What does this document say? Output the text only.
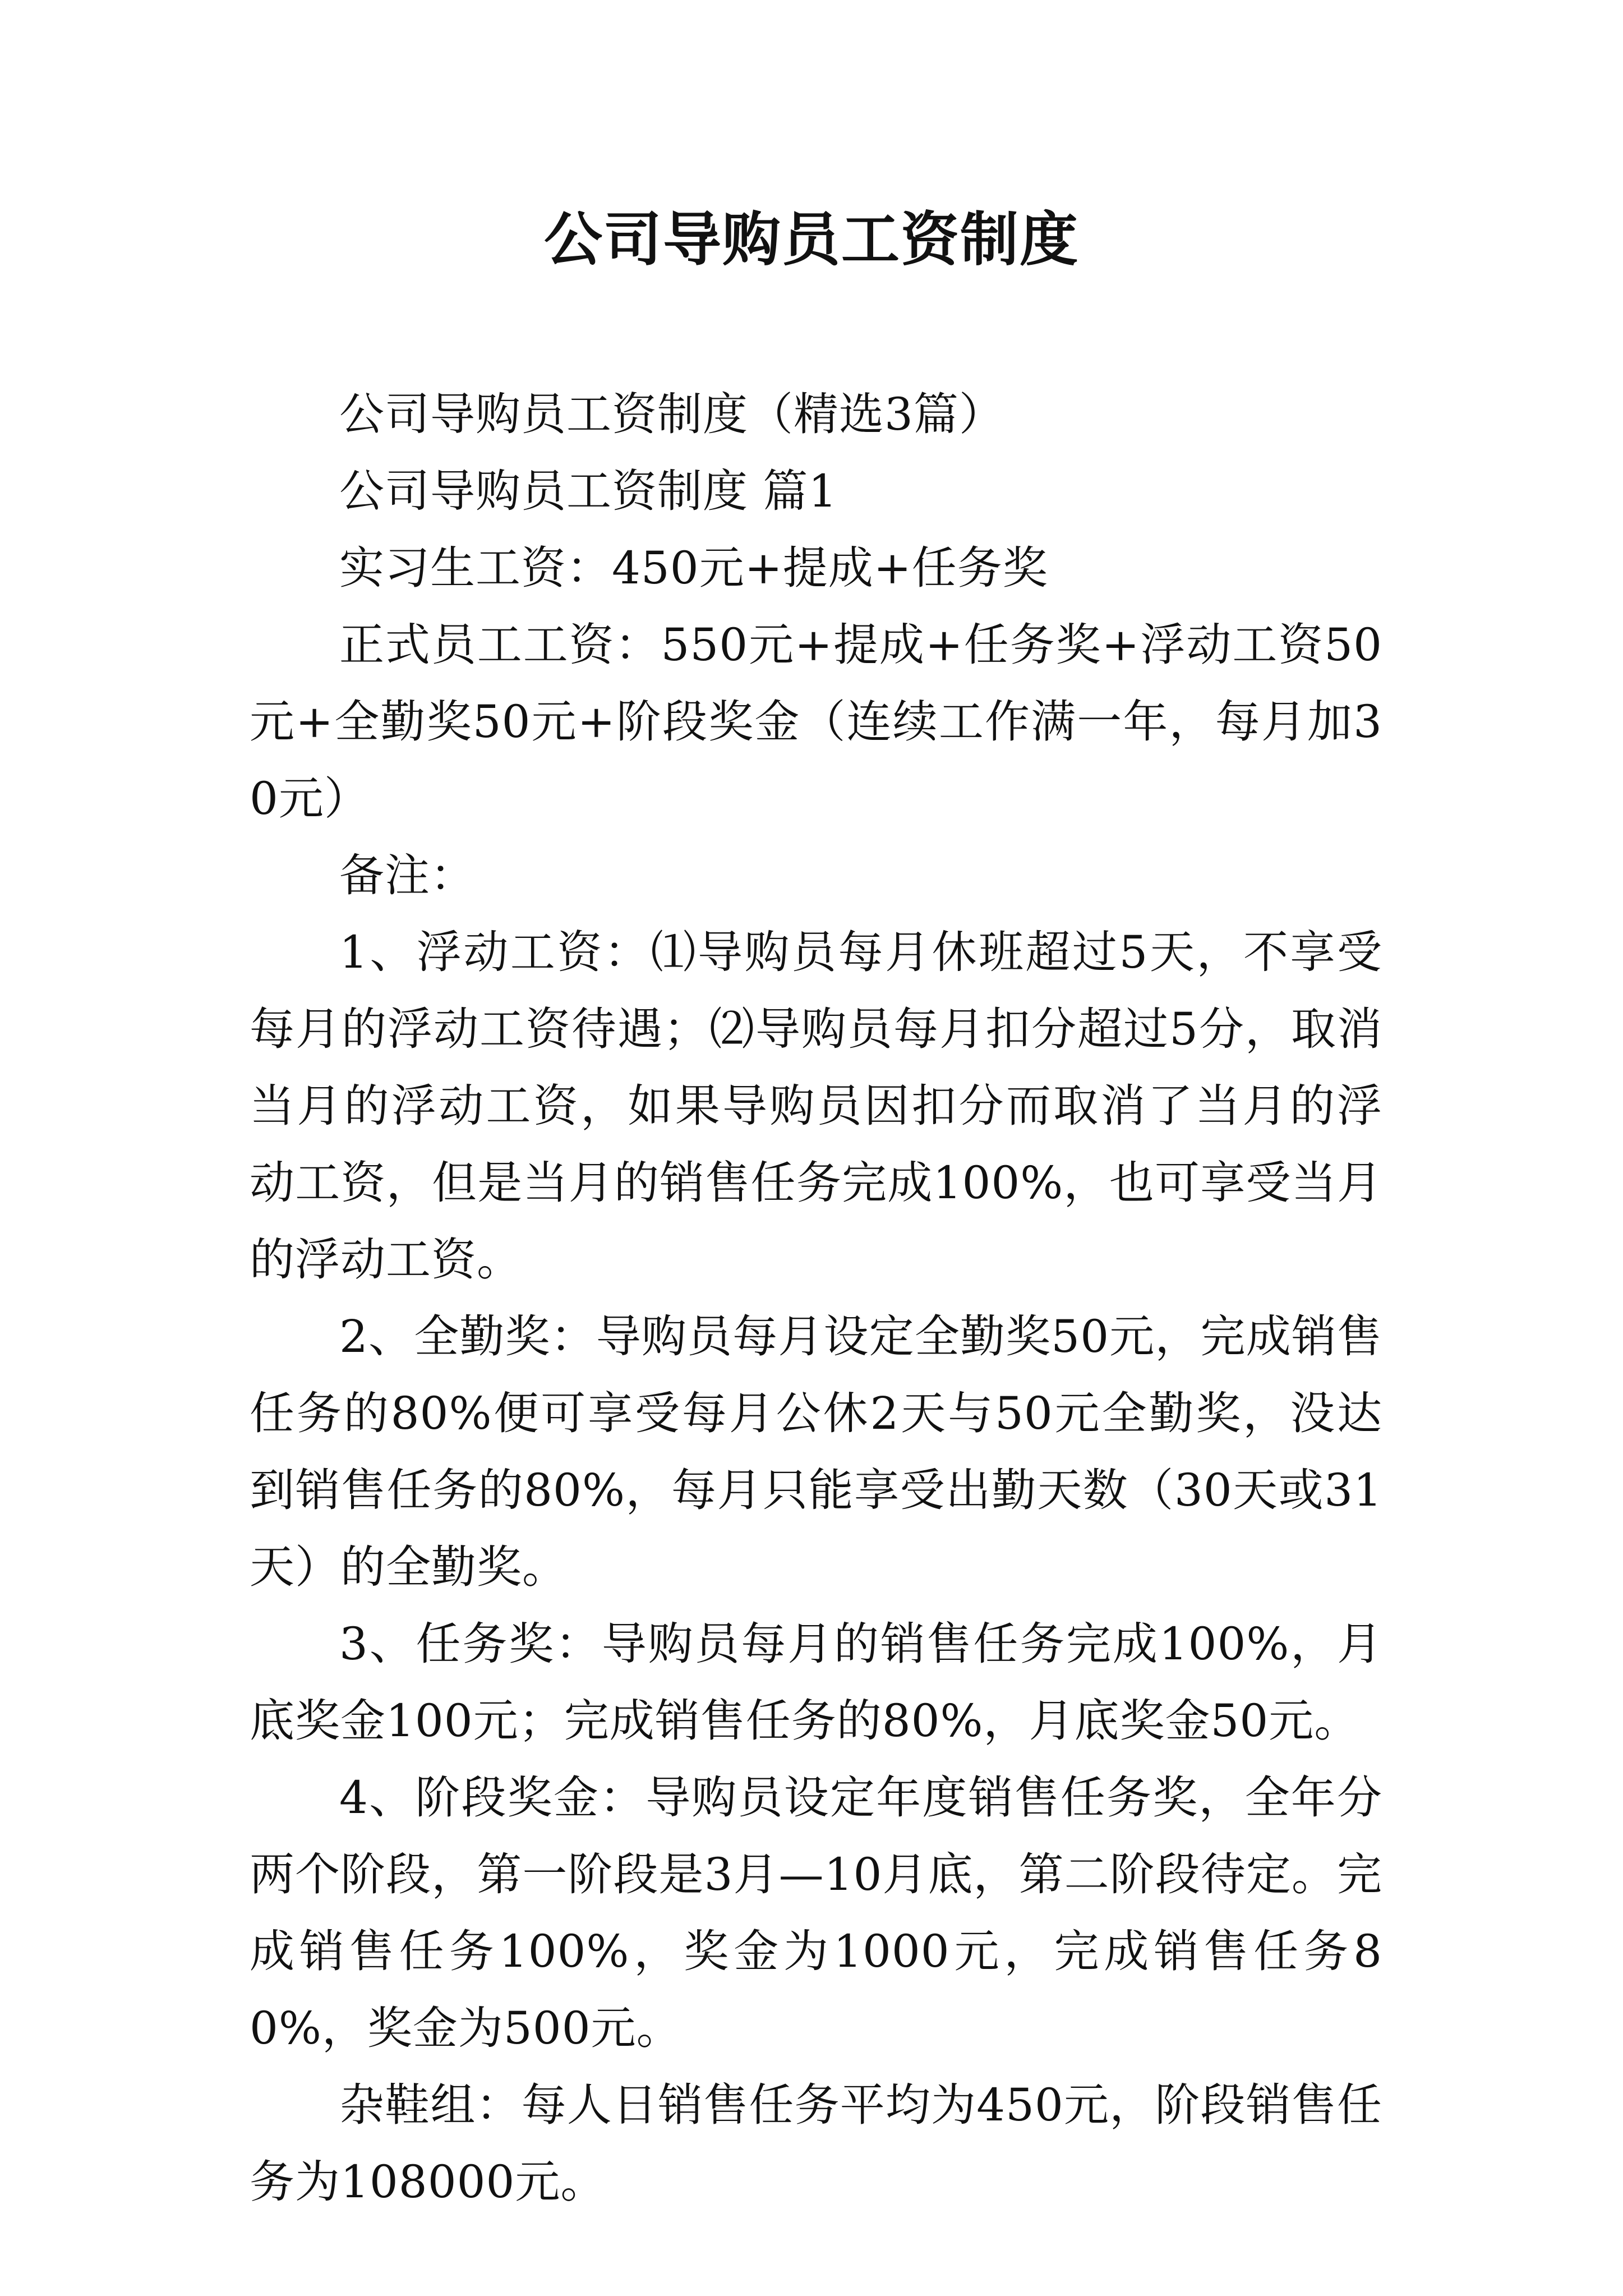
公司导购员工资制度

公司导购员工资制度（精选3篇）

公司导购员工资制度 篇1

实习生工资：450元+提成+任务奖

正式员工工资：550元+提成+任务奖+浮动工资50元+全勤奖50元+阶段奖金（连续工作满一年，每月加30元）

备注：

1、浮动工资：⑴导购员每月休班超过5天，不享受每月的浮动工资待遇；⑵导购员每月扣分超过5分，取消当月的浮动工资，如果导购员因扣分而取消了当月的浮动工资，但是当月的销售任务完成100%，也可享受当月的浮动工资。

2、全勤奖：导购员每月设定全勤奖50元，完成销售任务的80%便可享受每月公休2天与50元全勤奖，没达到销售任务的80%，每月只能享受出勤天数（30天或31天）的全勤奖。

3、任务奖：导购员每月的销售任务完成100%，月底奖金100元；完成销售任务的80%，月底奖金50元。

4、阶段奖金：导购员设定年度销售任务奖，全年分两个阶段，第一阶段是3月—10月底，第二阶段待定。完成销售任务100%，奖金为1000元，完成销售任务80%，奖金为500元。

杂鞋组：每人日销售任务平均为450元，阶段销售任务为108000元。
